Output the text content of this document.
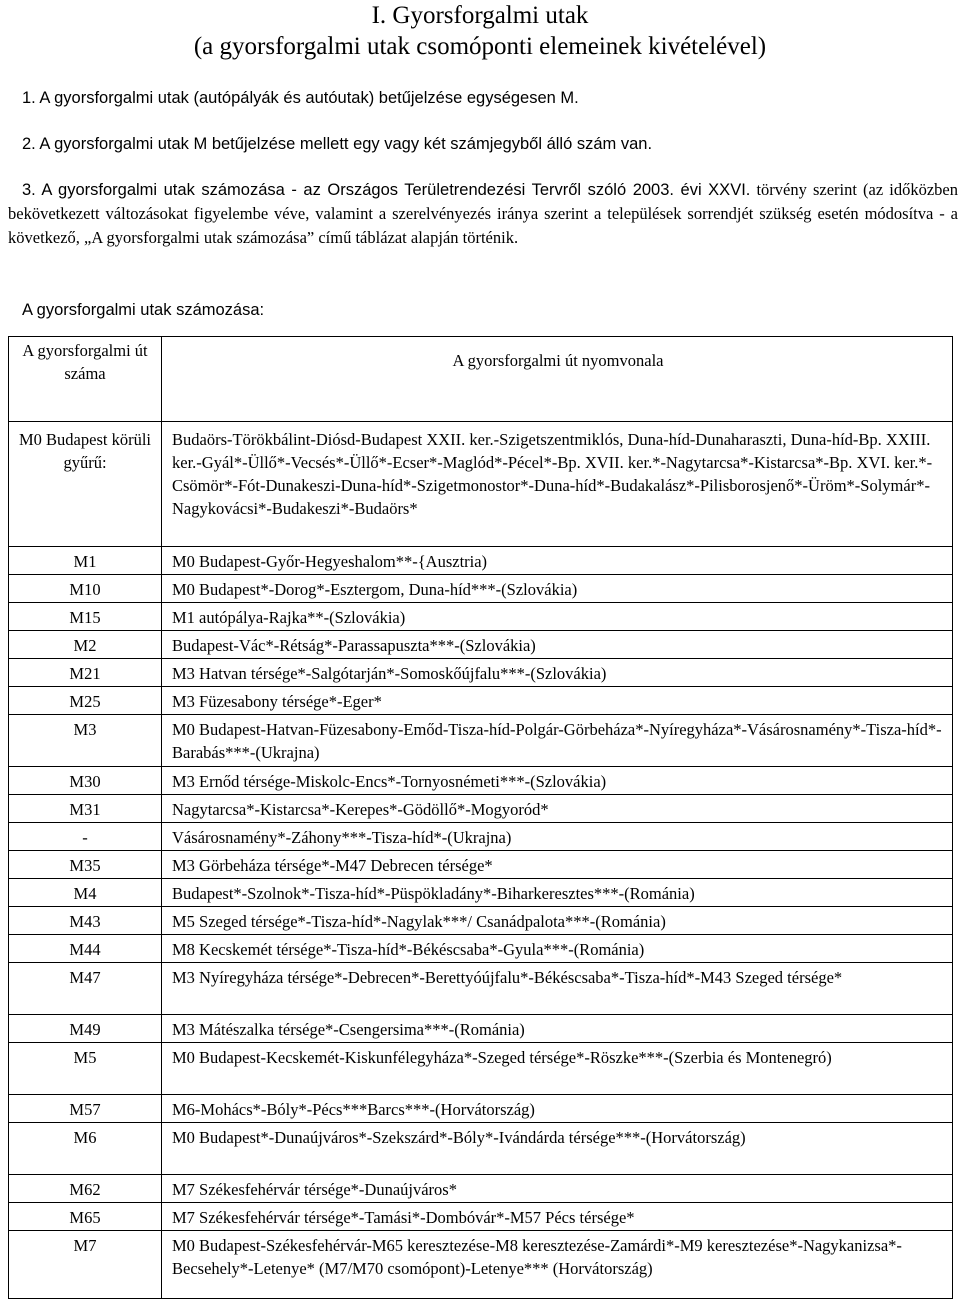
I. Gyorsforgalmi utak
(a gyorsforgalmi utak csomóponti elemeinek kivételével)
1. A gyorsforgalmi utak (autópályák és autóutak) betűjelzése egységesen M.
2. A gyorsforgalmi utak M betűjelzése mellett egy vagy két számjegyből álló szám van.
3. A gyorsforgalmi utak számozása - az Országos Területrendezési Tervről szóló 2003. évi XXVI. törvény szerint (az időközben bekövetkezett változásokat figyelembe véve, valamint a szerelvényezés iránya szerint a települések sorrendjét szükség esetén módosítva - a következő, „A gyorsforgalmi utak számozása” című táblázat alapján történik.
A gyorsforgalmi utak számozása:
A gyorsforgalmi út száma	A gyorsforgalmi út nyomvonala
M0 Budapest körüli gyűrű:	Budaörs-Törökbálint-Diósd-Budapest XXII. ker.-Szigetszentmiklós, Duna-híd-Dunaharaszti, Duna-híd-Bp. XXIII. ker.-Gyál*-Üllő*-Vecsés*-Üllő*-Ecser*-Maglód*-Pécel*-Bp. XVII. ker.*-Nagytarcsa*-Kistarcsa*-Bp. XVI. ker.*-Csömör*-Fót-Dunakeszi-Duna-híd*-Szigetmonostor*-Duna-híd*-Budakalász*-Pilisborosjenő*-Üröm*-Solymár*-Nagykovácsi*-Budakeszi*-Budaörs*
M1	M0 Budapest-Győr-Hegyeshalom**-{Ausztria)
M10	M0 Budapest*-Dorog*-Esztergom, Duna-híd***-(Szlovákia)
M15	M1 autópálya-Rajka**-(Szlovákia)
M2	Budapest-Vác*-Rétság*-Parassapuszta***-(Szlovákia)
M21	M3 Hatvan térsége*-Salgótarján*-Somoskőújfalu***-(Szlovákia)
M25	M3 Füzesabony térsége*-Eger*
M3	M0 Budapest-Hatvan-Füzesabony-Emőd-Tisza-híd-Polgár-Görbeháza*-Nyíregyháza*-Vásárosnamény*-Tisza-híd*-Barabás***-(Ukrajna)
M30	M3 Ernőd térsége-Miskolc-Encs*-Tornyosnémeti***-(Szlovákia)
M31	Nagytarcsa*-Kistarcsa*-Kerepes*-Gödöllő*-Mogyoród*
-	Vásárosnamény*-Záhony***-Tisza-híd*-(Ukrajna)
M35	M3 Görbeháza térsége*-M47 Debrecen térsége*
M4	Budapest*-Szolnok*-Tisza-híd*-Püspökladány*-Biharkeresztes***-(Románia)
M43	M5 Szeged térsége*-Tisza-híd*-Nagylak***/ Csanádpalota***-(Románia)
M44	M8 Kecskemét térsége*-Tisza-híd*-Békéscsaba*-Gyula***-(Románia)
M47	M3 Nyíregyháza térsége*-Debrecen*-Berettyóújfalu*-Békéscsaba*-Tisza-híd*-M43 Szeged térsége*
M49	M3 Mátészalka térsége*-Csengersima***-(Románia)
M5	M0 Budapest-Kecskemét-Kiskunfélegyháza*-Szeged térsége*-Röszke***-(Szerbia és Montenegró)
M57	M6-Mohács*-Bóly*-Pécs***Barcs***-(Horvátország)
M6	M0 Budapest*-Dunaújváros*-Szekszárd*-Bóly*-Ivándárda térsége***-(Horvátország)
M62	M7 Székesfehérvár térsége*-Dunaújváros*
M65	M7 Székesfehérvár térsége*-Tamási*-Dombóvár*-M57 Pécs térsége*
M7	M0 Budapest-Székesfehérvár-M65 keresztezése-M8 keresztezése-Zamárdi*-M9 keresztezése*-Nagykanizsa*-Becsehely*-Letenye* (M7/M70 csomópont)-Letenye*** (Horvátország)
